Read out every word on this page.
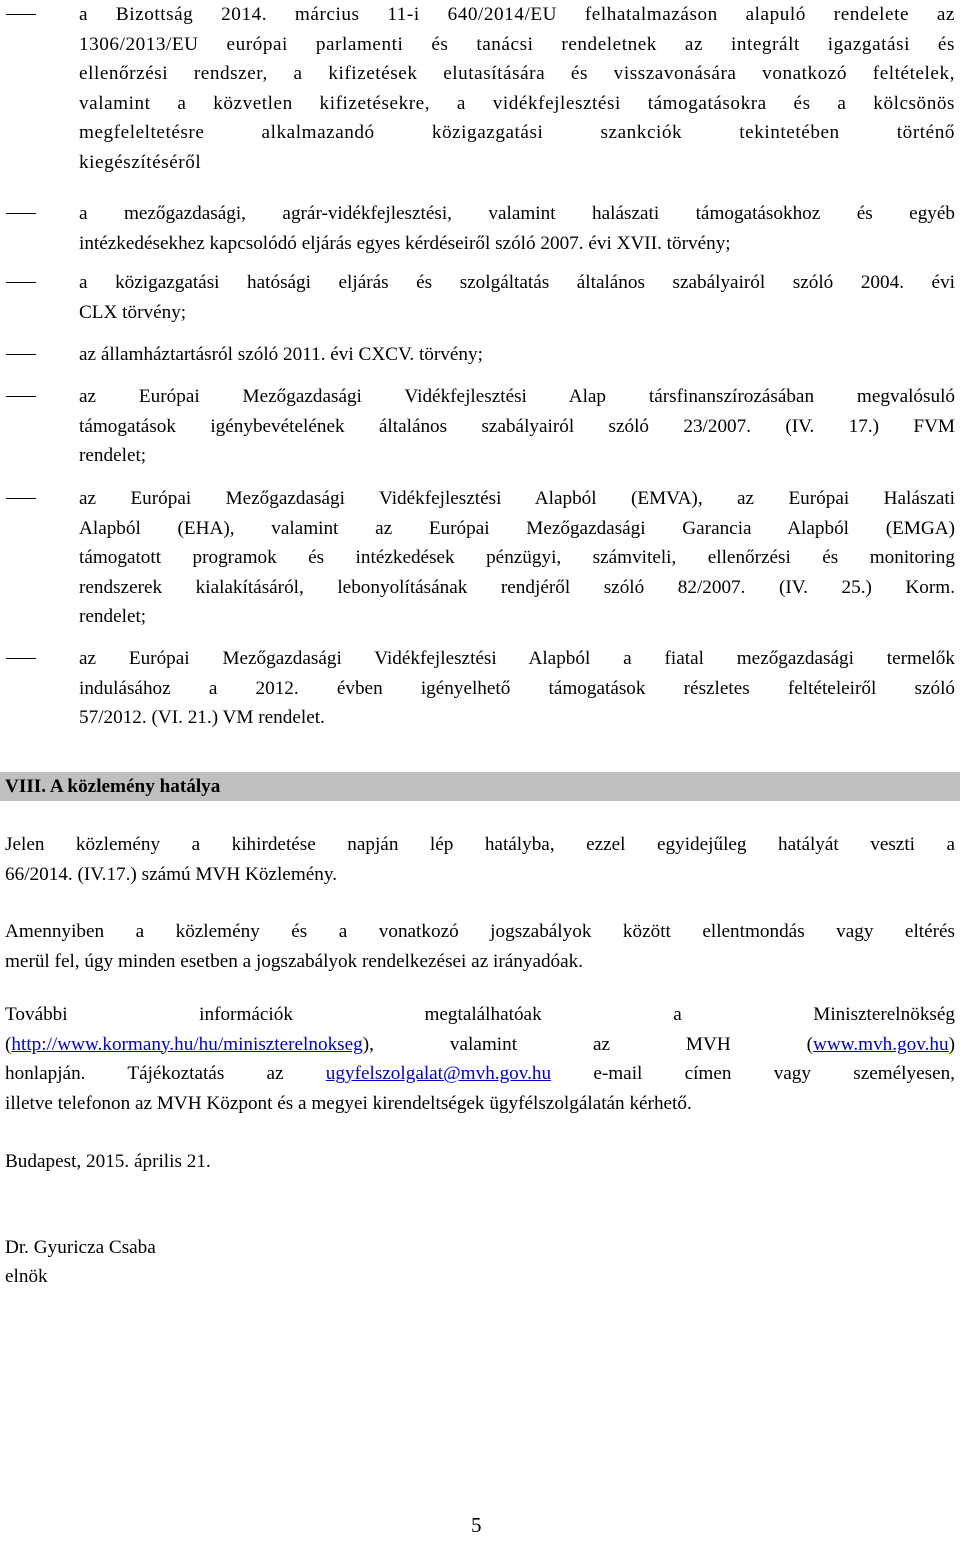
a Bizottság 2014. március 11-i 640/2014/EU felhatalmazáson alapuló rendelete az
1306/2013/EU európai parlamenti és tanácsi rendeletnek az integrált igazgatási és
ellenőrzési rendszer, a kifizetések elutasítására és visszavonására vonatkozó feltételek,
valamint a közvetlen kifizetésekre, a vidékfejlesztési támogatásokra és a kölcsönös
megfeleltetésre alkalmazandó közigazgatási szankciók tekintetében történő
kiegészítéséről
a mezőgazdasági, agrár-vidékfejlesztési, valamint halászati támogatásokhoz és egyéb
intézkedésekhez kapcsolódó eljárás egyes kérdéseiről szóló 2007. évi XVII. törvény;
a közigazgatási hatósági eljárás és szolgáltatás általános szabályairól szóló 2004. évi
CLX törvény;
az államháztartásról szóló 2011. évi CXCV. törvény;
az Európai Mezőgazdasági Vidékfejlesztési Alap társfinanszírozásában megvalósuló
támogatások igénybevételének általános szabályairól szóló 23/2007. (IV. 17.) FVM
rendelet;
az Európai Mezőgazdasági Vidékfejlesztési Alapból (EMVA), az Európai Halászati
Alapból (EHA), valamint az Európai Mezőgazdasági Garancia Alapból (EMGA)
támogatott programok és intézkedések pénzügyi, számviteli, ellenőrzési és monitoring
rendszerek kialakításáról, lebonyolításának rendjéről szóló 82/2007. (IV. 25.) Korm.
rendelet;
az Európai Mezőgazdasági Vidékfejlesztési Alapból a fiatal mezőgazdasági termelők
indulásához a 2012. évben igényelhető támogatások részletes feltételeiről szóló
57/2012. (VI. 21.) VM rendelet.
VIII. A közlemény hatálya
Jelen közlemény a kihirdetése napján lép hatályba, ezzel egyidejűleg hatályát veszti a
66/2014. (IV.17.) számú MVH Közlemény.
Amennyiben a közlemény és a vonatkozó jogszabályok között ellentmondás vagy eltérés
merül fel, úgy minden esetben a jogszabályok rendelkezései az irányadóak.
További információk megtalálhatóak a Miniszterelnökség
(http://www.kormany.hu/hu/miniszterelnokseg), valamint az MVH (www.mvh.gov.hu)
honlapján. Tájékoztatás az ugyfelszolgalat@mvh.gov.hu e-mail címen vagy személyesen,
illetve telefonon az MVH Központ és a megyei kirendeltségek ügyfélszolgálatán kérhető.
Budapest, 2015. április 21.
Dr. Gyuricza Csaba
elnök
5
